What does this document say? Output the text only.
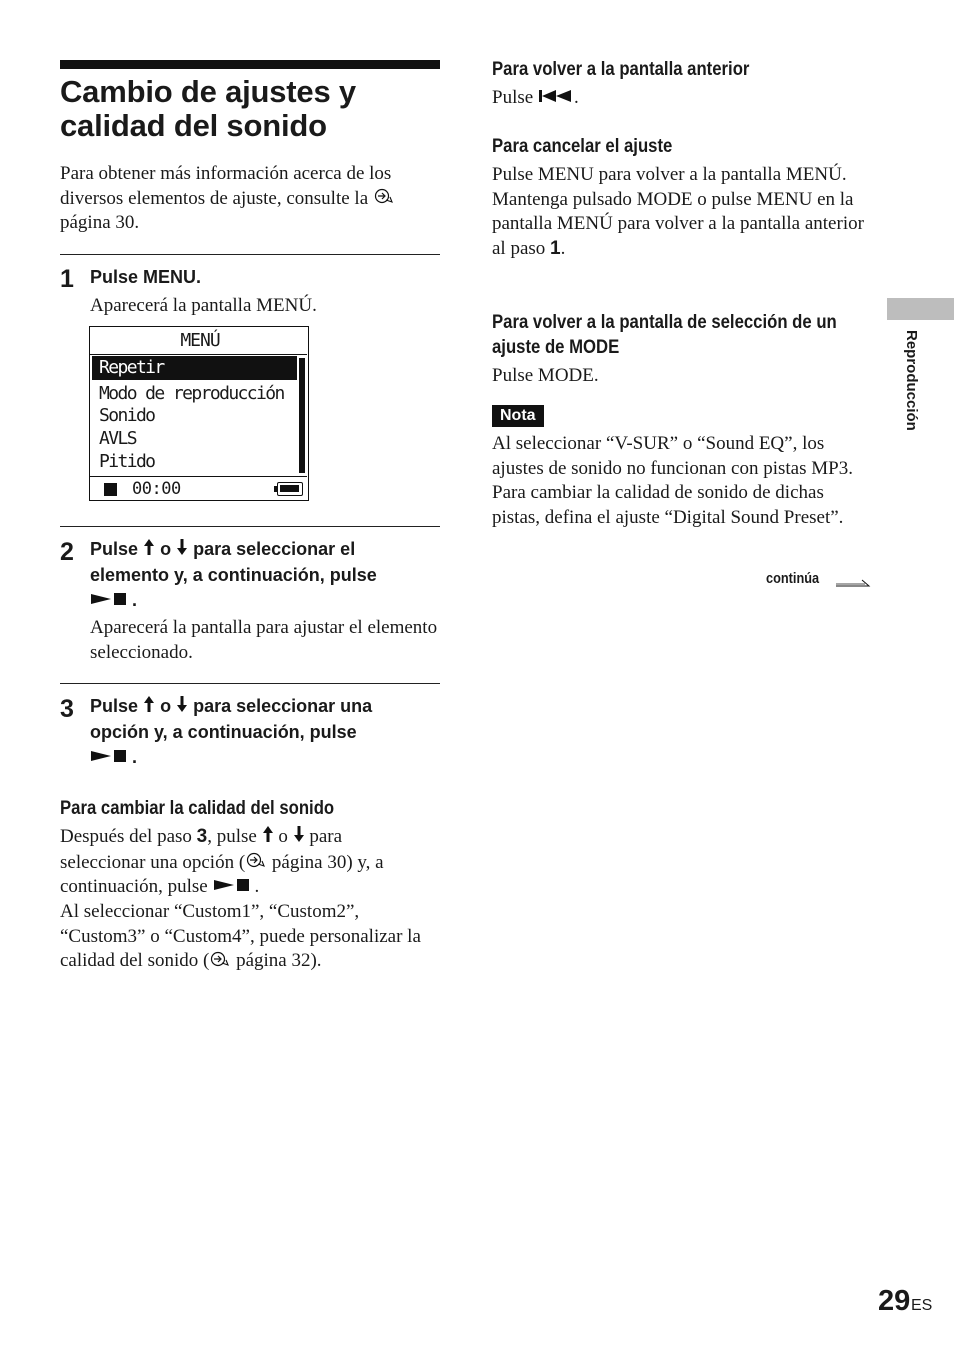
Cambio de ajustes y calidad del sonido
Para obtener más información acerca de los diversos elementos de ajuste, consulte la  página 30.
1 Pulse MENU.
Aparecerá la pantalla MENÚ.
MENÚ
Repetir
Modo de reproducción
Sonido
AVLS
Pitido
00:00
2 Pulse o para seleccionar el
elemento y, a continuación, pulse
.
Aparecerá la pantalla para ajustar el elemento seleccionado.
3 Pulse o para seleccionar una
opción y, a continuación, pulse
.
Para cambiar la calidad del sonido
Después del paso 3, pulse o para
seleccionar una opción ( página 30) y, a
continuación, pulse .
Al seleccionar “Custom1”, “Custom2”, “Custom3” o “Custom4”, puede personalizar la calidad del sonido ( página 32).
Para volver a la pantalla anterior
Pulse .
Para cancelar el ajuste
Pulse MENU para volver a la pantalla MENÚ.
Mantenga pulsado MODE o pulse MENU en la pantalla MENÚ para volver a la pantalla anterior al paso 1.
Para volver a la pantalla de selección de un ajuste de MODE
Pulse MODE.
Nota
Al seleccionar “V-SUR” o “Sound EQ”, los ajustes de sonido no funcionan con pistas MP3. Para cambiar la calidad de sonido de dichas pistas, defina el ajuste “Digital Sound Preset”.
continúa
Reproducción
29 ES
